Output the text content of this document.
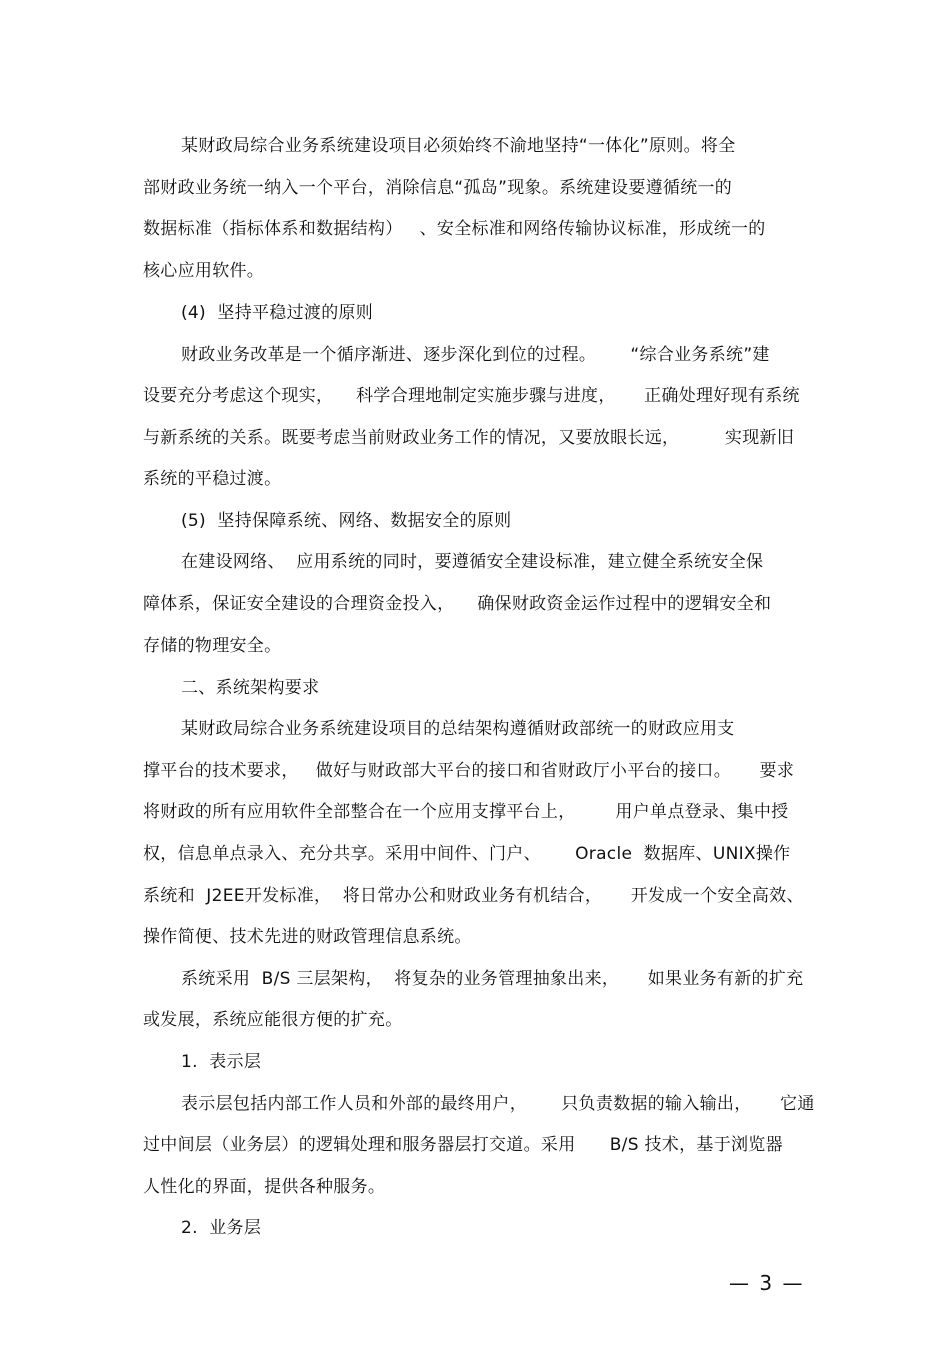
某财政局综合业务系统建设项目必须始终不渝地坚持“一体化”原则。将全
部财政业务统一纳入一个平台，消除信息“孤岛”现象。系统建设要遵循统一的
数据标准（指标体系和数据结构）   、安全标准和网络传输协议标准，形成统一的
核心应用软件。
(4)  坚持平稳过渡的原则
财政业务改革是一个循序渐进、逐步深化到位的过程。      “综合业务系统”建
设要充分考虑这个现实，    科学合理地制定实施步骤与进度，     正确处理好现有系统
与新系统的关系。既要考虑当前财政业务工作的情况，又要放眼长远，        实现新旧
系统的平稳过渡。
(5)  坚持保障系统、网络、数据安全的原则
在建设网络、  应用系统的同时，要遵循安全建设标准，建立健全系统安全保
障体系，保证安全建设的合理资金投入，    确保财政资金运作过程中的逻辑安全和
存储的物理安全。
二、系统架构要求
某财政局综合业务系统建设项目的总结架构遵循财政部统一的财政应用支
撑平台的技术要求，   做好与财政部大平台的接口和省财政厅小平台的接口。     要求
将财政的所有应用软件全部整合在一个应用支撑平台上，       用户单点登录、集中授
权，信息单点录入、充分共享。采用中间件、门户、      Oracle  数据库、UNIX操作
系统和  J2EE开发标准，  将日常办公和财政业务有机结合，     开发成一个安全高效、
操作简便、技术先进的财政管理信息系统。
系统采用  B/S 三层架构，  将复杂的业务管理抽象出来，     如果业务有新的扩充
或发展，系统应能很方便的扩充。
1.  表示层
表示层包括内部工作人员和外部的最终用户，      只负责数据的输入输出，     它通
过中间层（业务层）的逻辑处理和服务器层打交道。采用      B/S 技术，基于浏览器
人性化的界面，提供各种服务。
2.  业务层
— 3 —
